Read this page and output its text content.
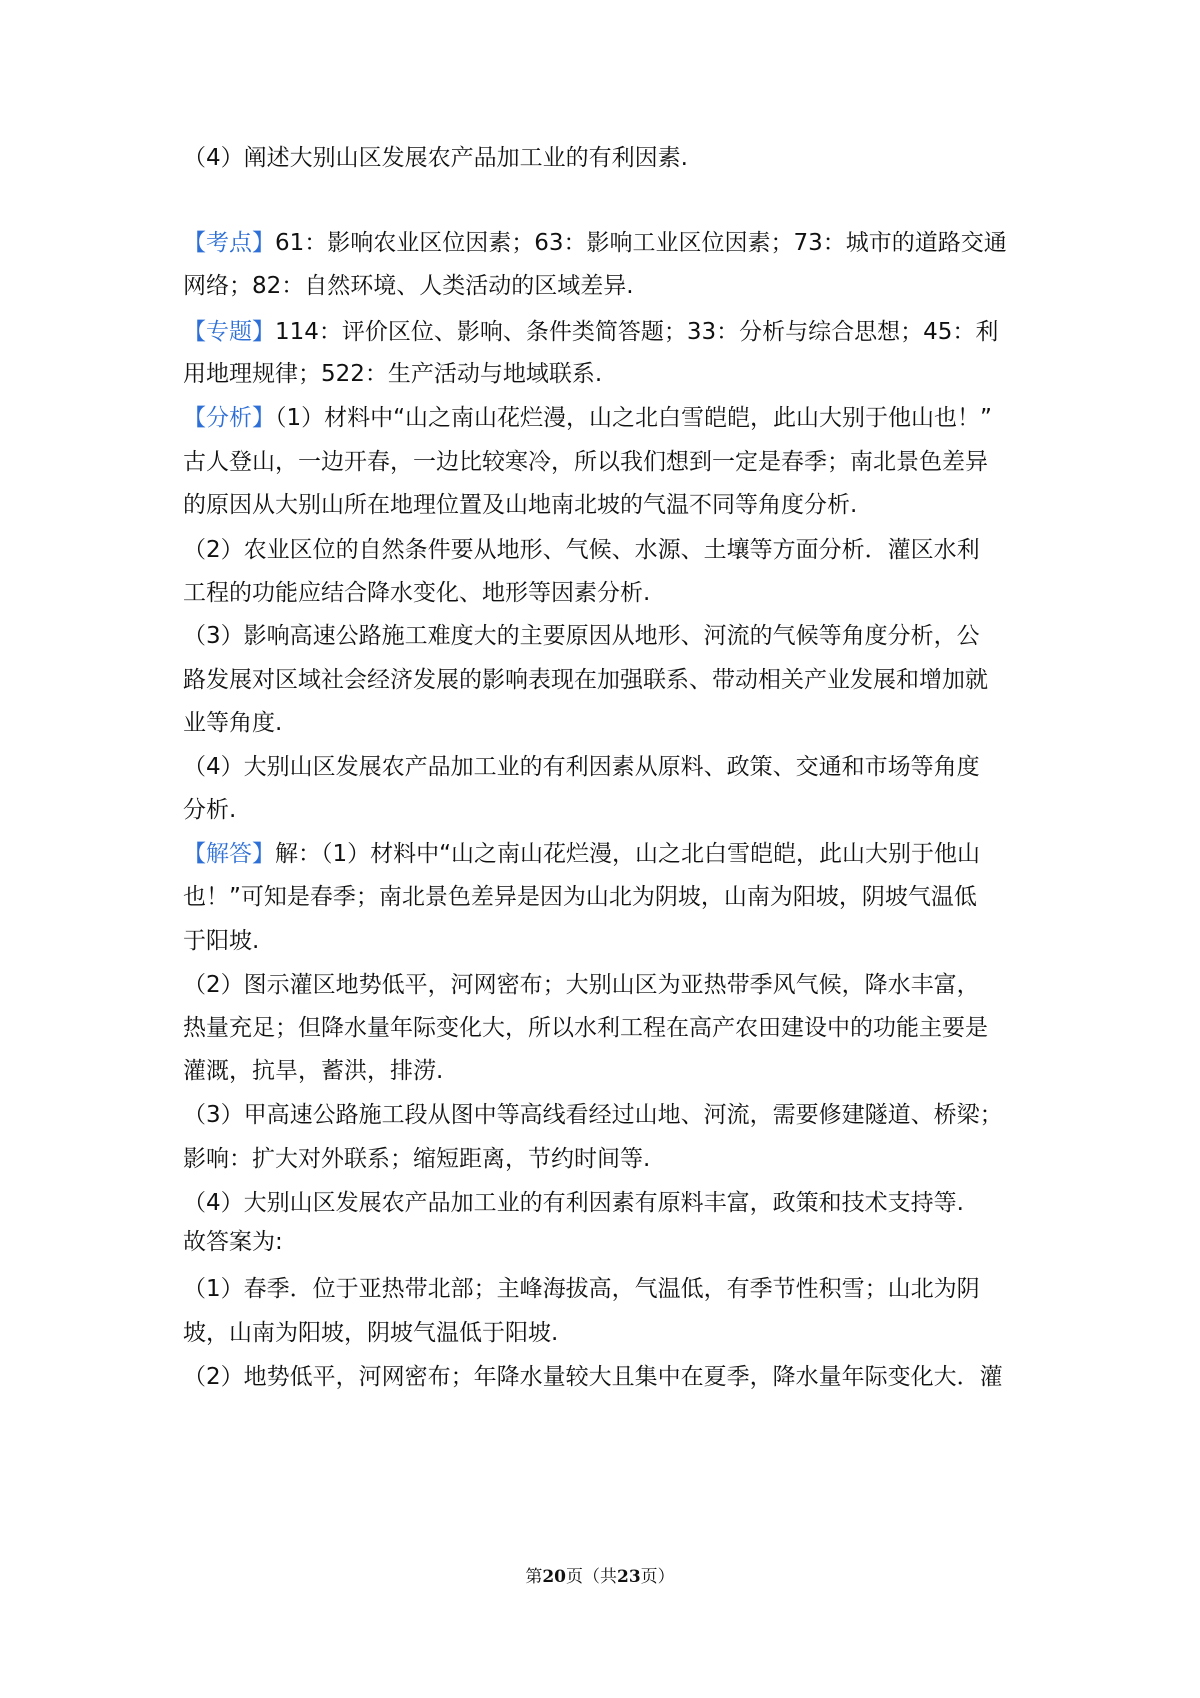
（4）阐述大别山区发展农产品加工业的有利因素.
【考点】61：影响农业区位因素；63：影响工业区位因素；73：城市的道路交通
网络；82：自然环境、人类活动的区域差异.
【专题】114：评价区位、影响、条件类简答题；33：分析与综合思想；45：利
用地理规律；522：生产活动与地域联系.
【分析】（1）材料中“山之南山花烂漫，山之北白雪皑皑，此山大别于他山也！”
古人登山，一边开春，一边比较寒冷，所以我们想到一定是春季；南北景色差异
的原因从大别山所在地理位置及山地南北坡的气温不同等角度分析.
（2）农业区位的自然条件要从地形、气候、水源、土壤等方面分析．灌区水利
工程的功能应结合降水变化、地形等因素分析.
（3）影响高速公路施工难度大的主要原因从地形、河流的气候等角度分析，公
路发展对区域社会经济发展的影响表现在加强联系、带动相关产业发展和增加就
业等角度.
（4）大别山区发展农产品加工业的有利因素从原料、政策、交通和市场等角度
分析.
【解答】解：（1）材料中“山之南山花烂漫，山之北白雪皑皑，此山大别于他山
也！”可知是春季；南北景色差异是因为山北为阴坡，山南为阳坡，阴坡气温低
于阳坡.
（2）图示灌区地势低平，河网密布；大别山区为亚热带季风气候，降水丰富，
热量充足；但降水量年际变化大，所以水利工程在高产农田建设中的功能主要是
灌溉，抗旱，蓄洪，排涝.
（3）甲高速公路施工段从图中等高线看经过山地、河流，需要修建隧道、桥梁；
影响：扩大对外联系；缩短距离，节约时间等.
（4）大别山区发展农产品加工业的有利因素有原料丰富，政策和技术支持等.
故答案为:
（1）春季．位于亚热带北部；主峰海拔高，气温低，有季节性积雪；山北为阴
坡，山南为阳坡，阴坡气温低于阳坡.
（2）地势低平，河网密布；年降水量较大且集中在夏季，降水量年际变化大．灌
第20页（共23页）
